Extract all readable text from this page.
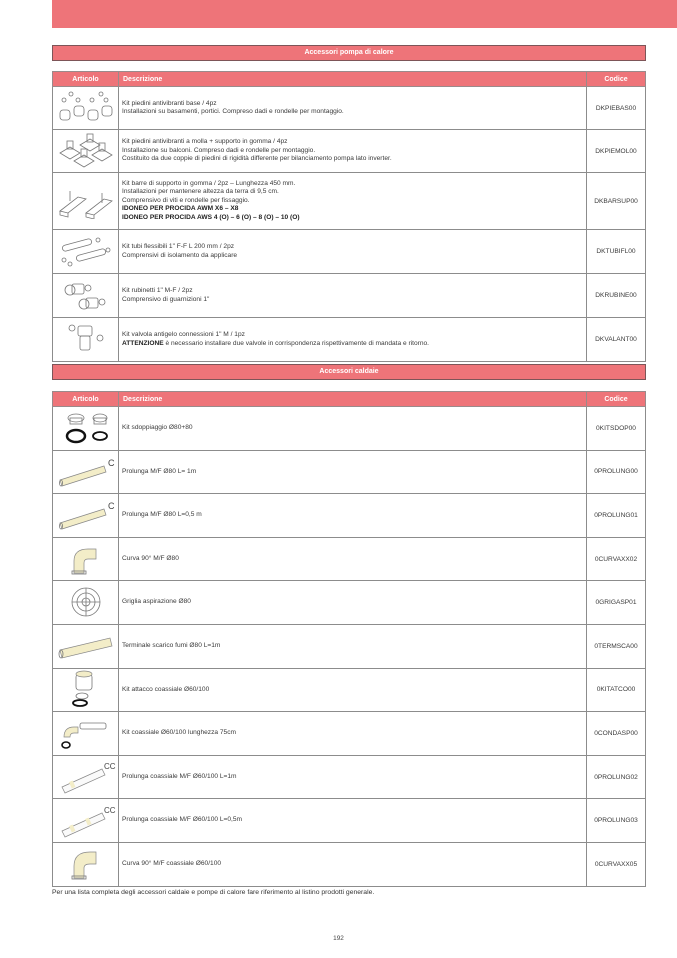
Accessori pompa di calore
Articolo	Descrizione	Codice

Kit piedini antivibranti base / 4pz
Installazioni su basamenti, portici. Compreso dadi e rondelle per montaggio.	DKPIEBAS00

Kit piedini antivibranti a molla + supporto in gomma / 4pz
Installazione su balconi. Compreso dadi e rondelle per montaggio.
Costituito da due coppie di piedini di rigidità differente per bilanciamento pompa lato inverter.	DKPIEMOL00

Kit barre di supporto in gomma / 2pz – Lunghezza 450 mm.
Installazioni per mantenere altezza da terra di 9,5 cm.
Comprensivo di viti e rondelle per fissaggio.
IDONEO PER PROCIDA AWM X6 – X8
IDONEO PER PROCIDA AWS 4 (O) – 6 (O) – 8 (O) – 10 (O)	DKBARSUP00

Kit tubi flessibili 1" F-F L 200 mm / 2pz
Comprensivi di isolamento da applicare	DKTUBIFL00

Kit rubinetti 1" M-F / 2pz
Comprensivo di guarnizioni 1"	DKRUBINE00

Kit valvola antigelo connessioni 1" M / 1pz
ATTENZIONE è necessario installare due valvole in corrispondenza rispettivamente di mandata e ritorno.	DKVALANT00
Accessori caldaie
Articolo	Descrizione	Codice
	Kit sdoppiaggio Ø80+80	0KITSDOP00

C	Prolunga M/F Ø80 L= 1m	0PROLUNG00

C	Prolunga M/F Ø80 L=0,5 m	0PROLUNG01
	Curva 90° M/F Ø80	0CURVAXX02
	Griglia aspirazione Ø80	0GRIGASP01
	Terminale scarico fumi Ø80 L=1m	0TERMSCA00
	Kit attacco coassiale Ø60/100	0KITATCO00
	Kit coassiale Ø60/100 lunghezza 75cm	0CONDASP00

CC	Prolunga coassiale M/F Ø60/100 L=1m	0PROLUNG02

CC	Prolunga coassiale M/F Ø60/100 L=0,5m	0PROLUNG03
	Curva 90° M/F coassiale Ø60/100	0CURVAXX05
Per una lista completa degli accessori caldaie e pompe di calore fare riferimento al listino prodotti generale.
192
